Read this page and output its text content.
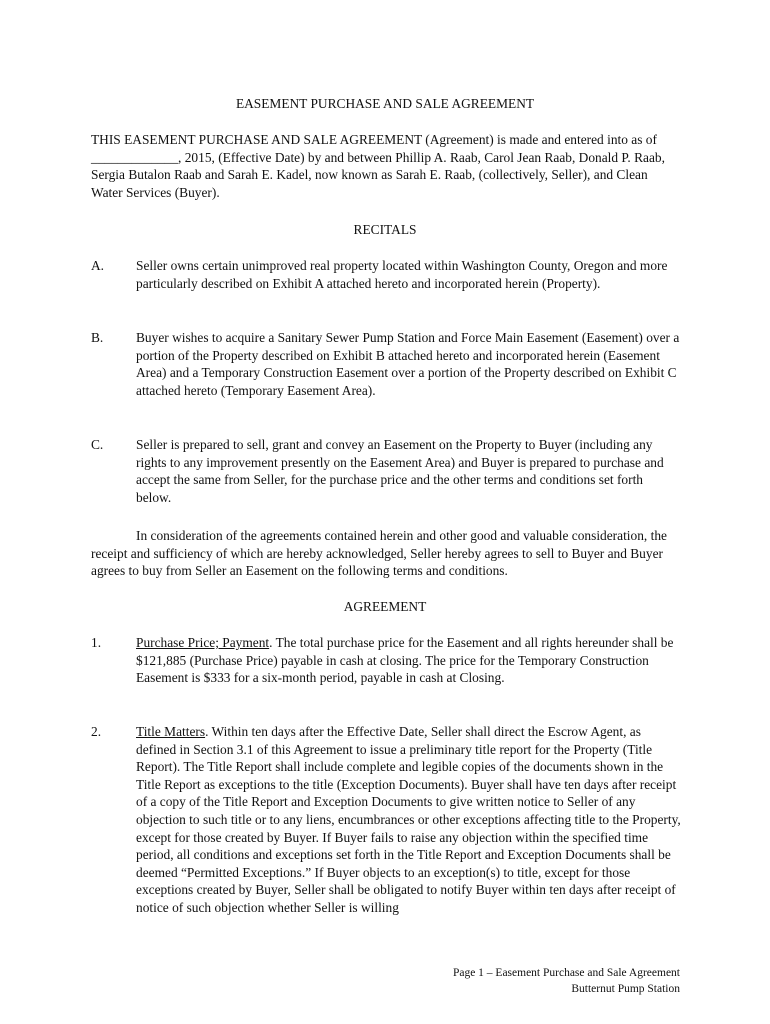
EASEMENT PURCHASE AND SALE AGREEMENT

THIS EASEMENT PURCHASE AND SALE AGREEMENT (Agreement) is made and entered into as of _____________, 2015, (Effective Date) by and between Phillip A. Raab, Carol Jean Raab, Donald P. Raab, Sergia Butalon Raab and Sarah E. Kadel, now known as Sarah E. Raab, (collectively, Seller), and Clean Water Services (Buyer).

RECITALS
A.	Seller owns certain unimproved real property located within Washington County, Oregon and more particularly described on Exhibit A attached hereto and incorporated herein (Property).

B.	Buyer wishes to acquire a Sanitary Sewer Pump Station and Force Main Easement (Easement) over a portion of the Property described on Exhibit B attached hereto and incorporated herein (Easement Area) and a Temporary Construction Easement over a portion of the Property described on Exhibit C attached hereto (Temporary Easement Area).

C.	Seller is prepared to sell, grant and convey an Easement on the Property to Buyer (including any rights to any improvement presently on the Easement Area) and Buyer is prepared to purchase and accept the same from Seller, for the purchase price and the other terms and conditions set forth below.

In consideration of the agreements contained herein and other good and valuable consideration, the receipt and sufficiency of which are hereby acknowledged, Seller hereby agrees to sell to Buyer and Buyer agrees to buy from Seller an Easement on the following terms and conditions.

AGREEMENT
1.	Purchase Price; Payment. The total purchase price for the Easement and all rights hereunder shall be $121,885 (Purchase Price) payable in cash at closing. The price for the Temporary Construction Easement is $333 for a six-month period, payable in cash at Closing.

2.	Title Matters. Within ten days after the Effective Date, Seller shall direct the Escrow Agent, as defined in Section 3.1 of this Agreement to issue a preliminary title report for the Property (Title Report). The Title Report shall include complete and legible copies of the documents shown in the Title Report as exceptions to the title (Exception Documents). Buyer shall have ten days after receipt of a copy of the Title Report and Exception Documents to give written notice to Seller of any objection to such title or to any liens, encumbrances or other exceptions affecting title to the Property, except for those created by Buyer. If Buyer fails to raise any objection within the specified time period, all conditions and exceptions set forth in the Title Report and Exception Documents shall be deemed “Permitted Exceptions.” If Buyer objects to an exception(s) to title, except for those exceptions created by Buyer, Seller shall be obligated to notify Buyer within ten days after receipt of notice of such objection whether Seller is willing

Page 1 – Easement Purchase and Sale Agreement
Butternut Pump Station
